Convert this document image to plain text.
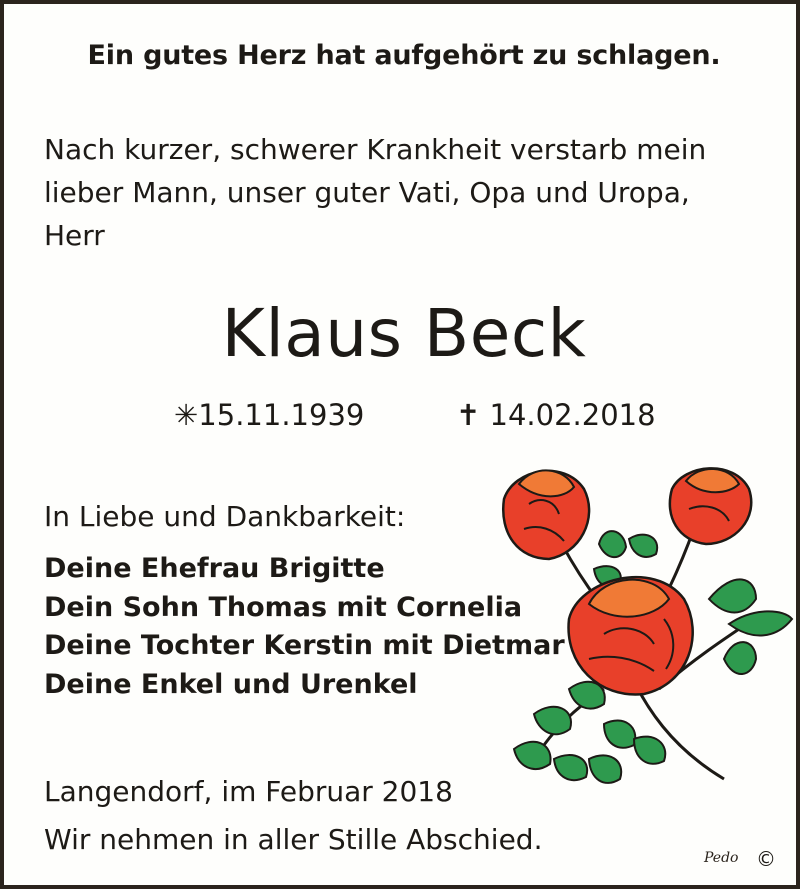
Ein gutes Herz hat aufgehört zu schlagen.
Nach kurzer, schwerer Krankheit verstarb mein
lieber Mann, unser guter Vati, Opa und Uropa,
Herr
Klaus Beck
✳︎15.11.1939	✝ 14.02.2018
In Liebe und Dankbarkeit:
Deine Ehefrau Brigitte
Dein Sohn Thomas mit Cornelia
Deine Tochter Kerstin mit Dietmar
Deine Enkel und Urenkel
Langendorf, im Februar 2018
Wir nehmen in aller Stille Abschied.
Pedo ©
